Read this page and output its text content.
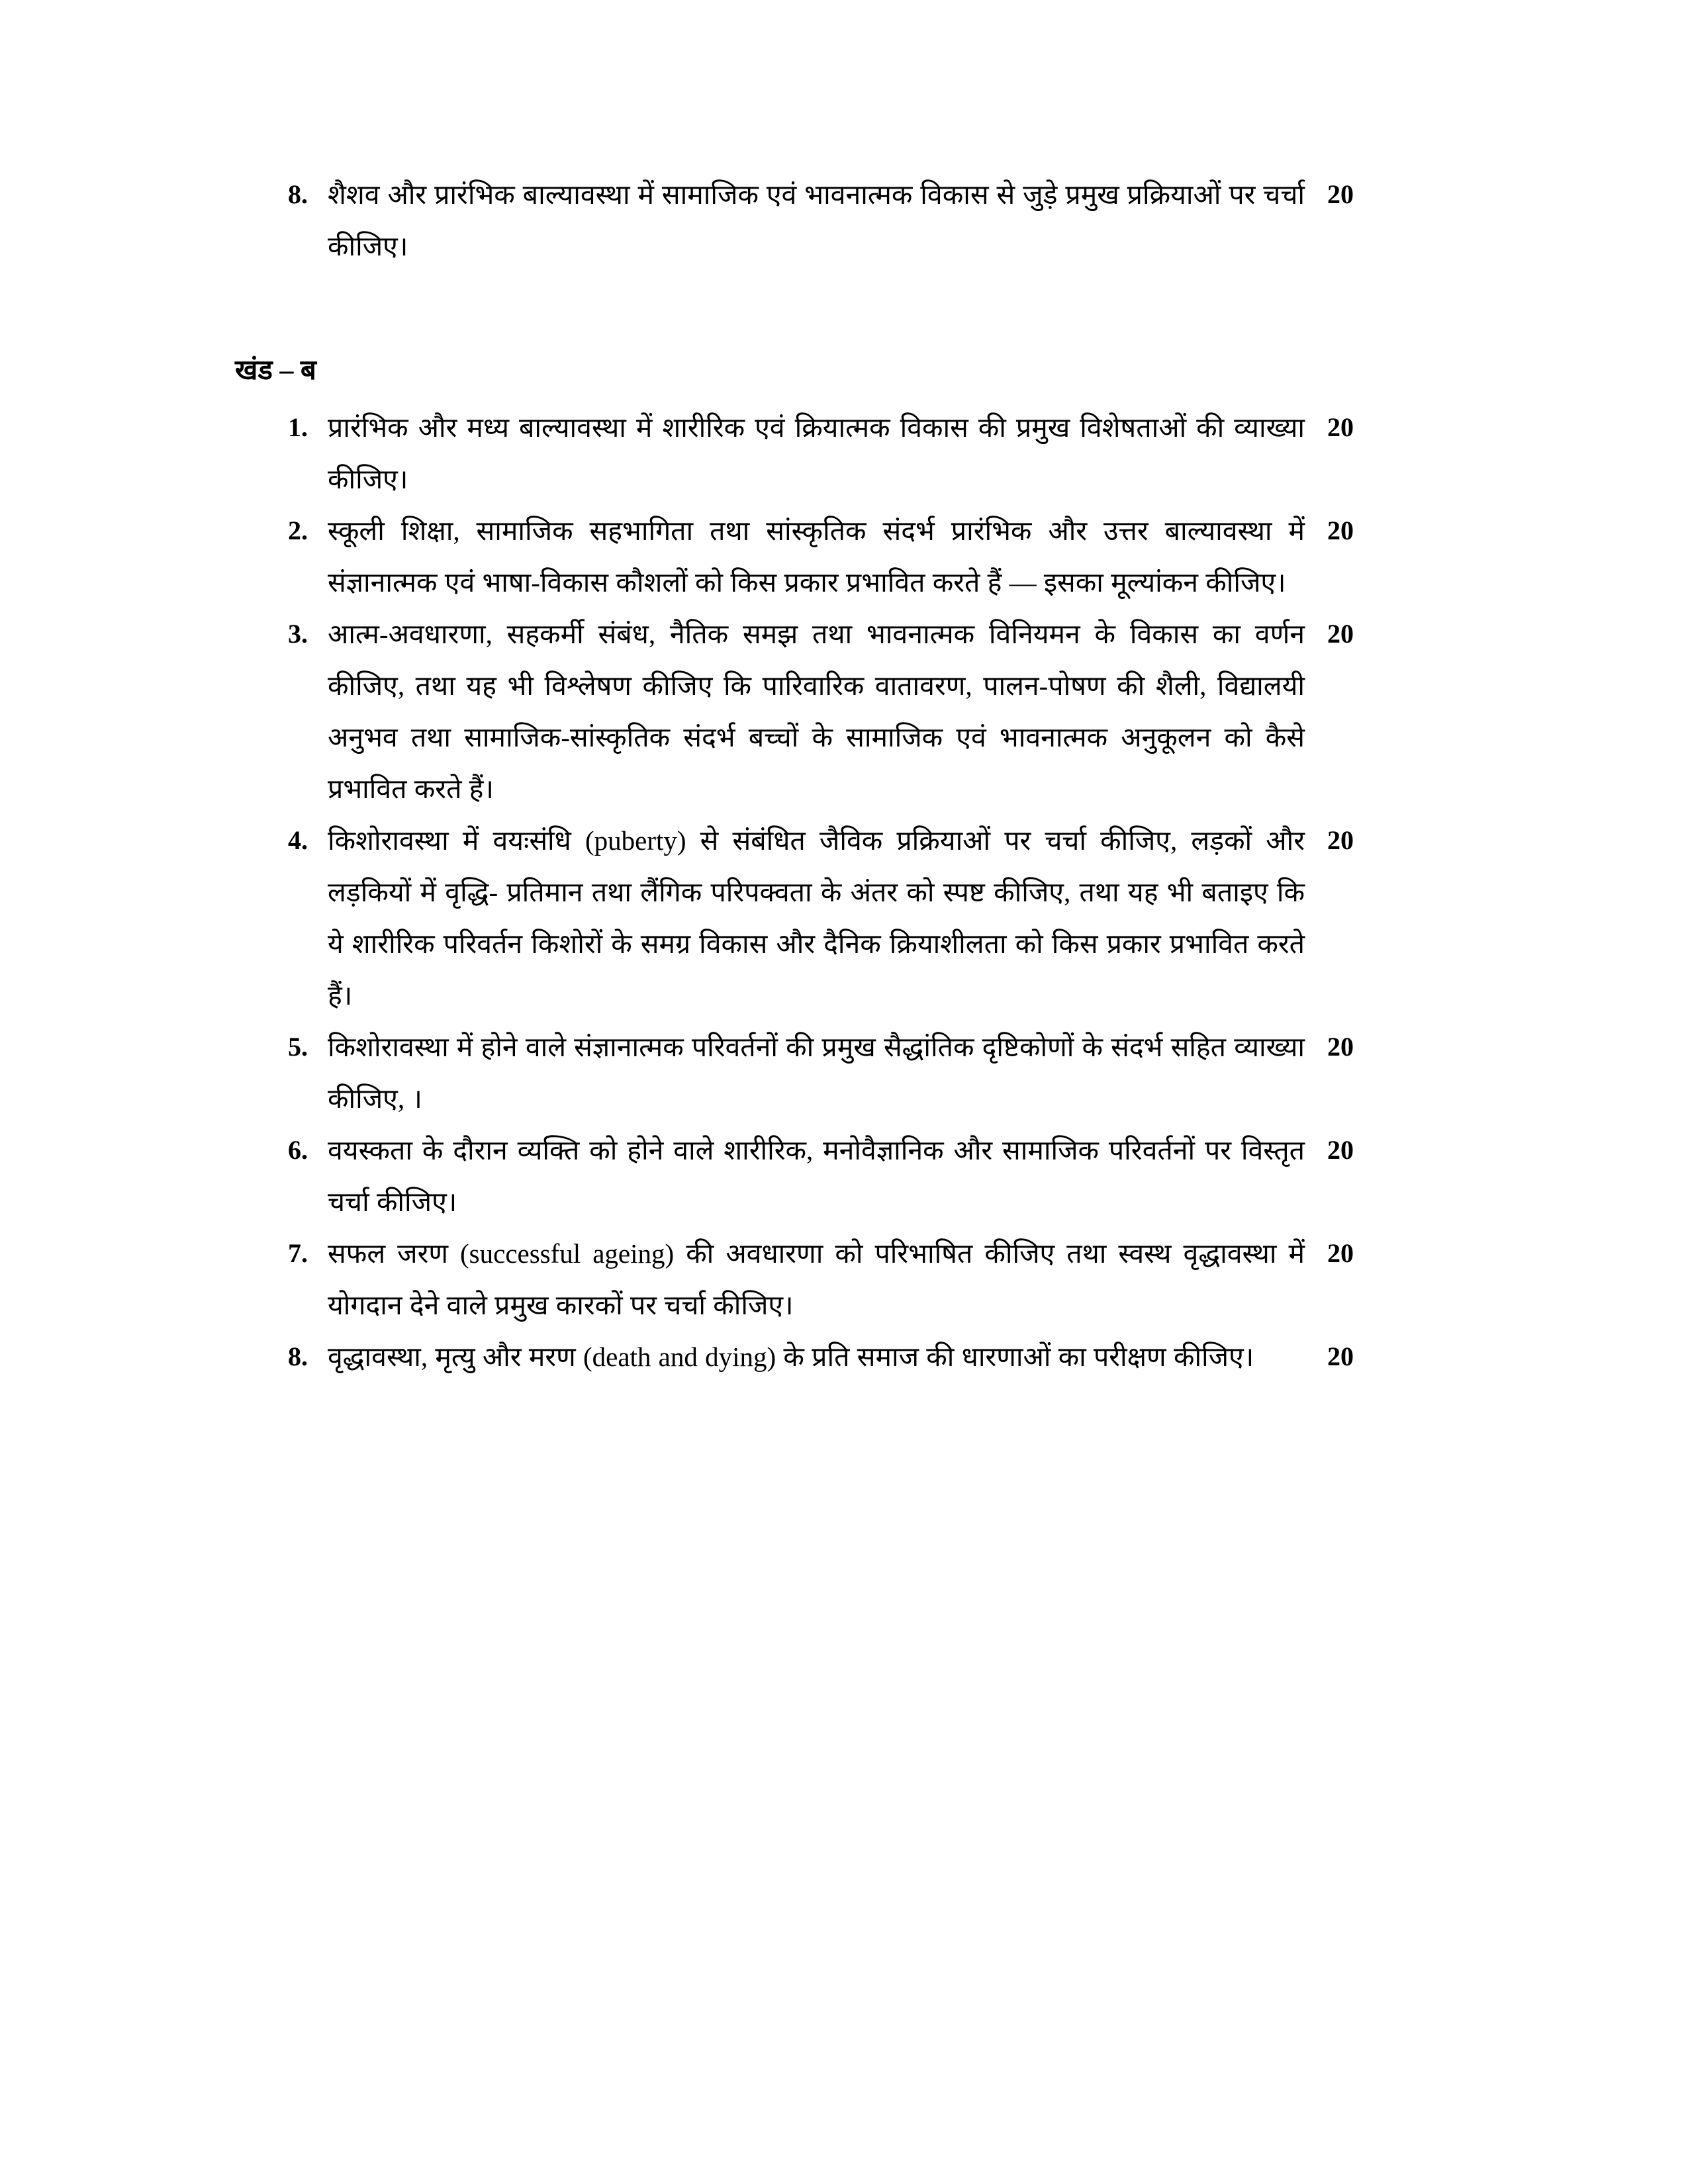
8. शैशव और प्रारंभिक बाल्यावस्था में सामाजिक एवं भावनात्मक विकास से जुड़े प्रमुख प्रक्रियाओं पर चर्चा कीजिए।

20
खंड – ब
1. प्रारंभिक और मध्य बाल्यावस्था में शारीरिक एवं क्रियात्मक विकास की प्रमुख विशेषताओं की व्याख्या कीजिए।

20
2. स्कूली शिक्षा, सामाजिक सहभागिता तथा सांस्कृतिक संदर्भ प्रारंभिक और उत्तर बाल्यावस्था में संज्ञानात्मक एवं भाषा-विकास कौशलों को किस प्रकार प्रभावित करते हैं — इसका मूल्यांकन कीजिए।

20
3. आत्म-अवधारणा, सहकर्मी संबंध, नैतिक समझ तथा भावनात्मक विनियमन के विकास का वर्णन कीजिए, तथा यह भी विश्लेषण कीजिए कि पारिवारिक वातावरण, पालन-पोषण की शैली, विद्यालयी अनुभव तथा सामाजिक-सांस्कृतिक संदर्भ बच्चों के सामाजिक एवं भावनात्मक अनुकूलन को कैसे प्रभावित करते हैं।

20
4. किशोरावस्था में वयःसंधि (puberty) से संबंधित जैविक प्रक्रियाओं पर चर्चा कीजिए, लड़कों और लड़कियों में वृद्धि- प्रतिमान तथा लैंगिक परिपक्वता के अंतर को स्पष्ट कीजिए, तथा यह भी बताइए कि ये शारीरिक परिवर्तन किशोरों के समग्र विकास और दैनिक क्रियाशीलता को किस प्रकार प्रभावित करते हैं।

20
5. किशोरावस्था में होने वाले संज्ञानात्मक परिवर्तनों की प्रमुख सैद्धांतिक दृष्टिकोणों के संदर्भ सहित व्याख्या कीजिए, ।

20
6. वयस्कता के दौरान व्यक्ति को होने वाले शारीरिक, मनोवैज्ञानिक और सामाजिक परिवर्तनों पर विस्तृत चर्चा कीजिए।

20
7. सफल जरण (successful ageing) की अवधारणा को परिभाषित कीजिए तथा स्वस्थ वृद्धावस्था में योगदान देने वाले प्रमुख कारकों पर चर्चा कीजिए।

20
8. वृद्धावस्था, मृत्यु और मरण (death and dying) के प्रति समाज की धारणाओं का परीक्षण कीजिए।	20
